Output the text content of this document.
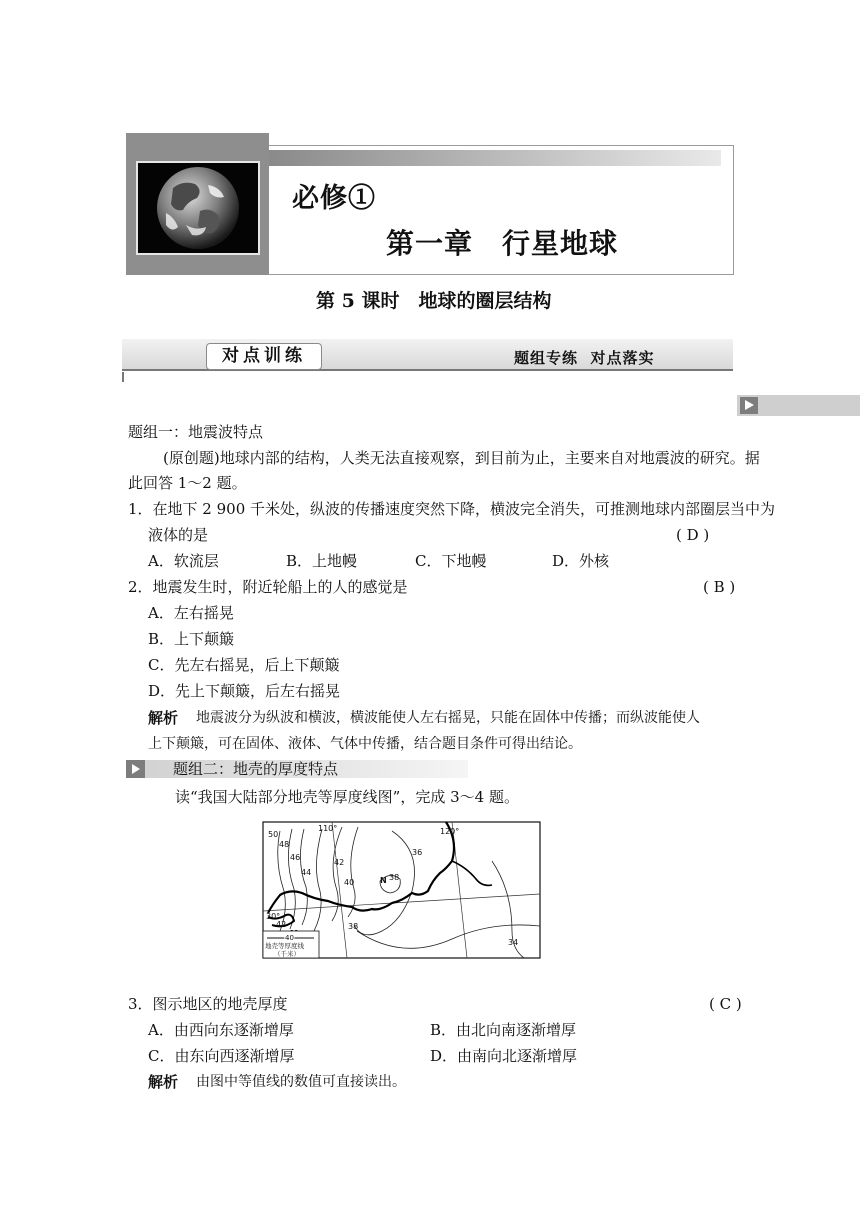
必修①
第一章　行星地球
第 5 课时　地球的圈层结构
对点训练	题组专练  对点落实
题组一：地震波特点
(原创题)地球内部的结构，人类无法直接观察，到目前为止，主要来自对地震波的研究。据
此回答 1～2 题。
1．在地下 2 900 千米处，纵波的传播速度突然下降，横波完全消失，可推测地球内部圈层当中为
液体的是	( D )
A．软流层	B．上地幔	C．下地幔	D．外核
2．地震发生时，附近轮船上的人的感觉是	( B )
A．左右摇晃
B．上下颠簸
C．先左右摇晃，后上下颠簸
D．先上下颠簸，后左右摇晃
解析 地震波分为纵波和横波，横波能使人左右摇晃，只能在固体中传播；而纵波能使人
上下颠簸，可在固体、液体、气体中传播，结合题目条件可得出结论。
题组二：地壳的厚度特点
读“我国大陆部分地壳等厚度线图”，完成 3～4 题。
110°	120°
30°
50
48
46
44
42
40
36
N 38
42	38
34
40
地壳等厚度线
（千米）
3．图示地区的地壳厚度	( C )
A．由西向东逐渐增厚	B．由北向南逐渐增厚
C．由东向西逐渐增厚	D．由南向北逐渐增厚
解析 由图中等值线的数值可直接读出。
